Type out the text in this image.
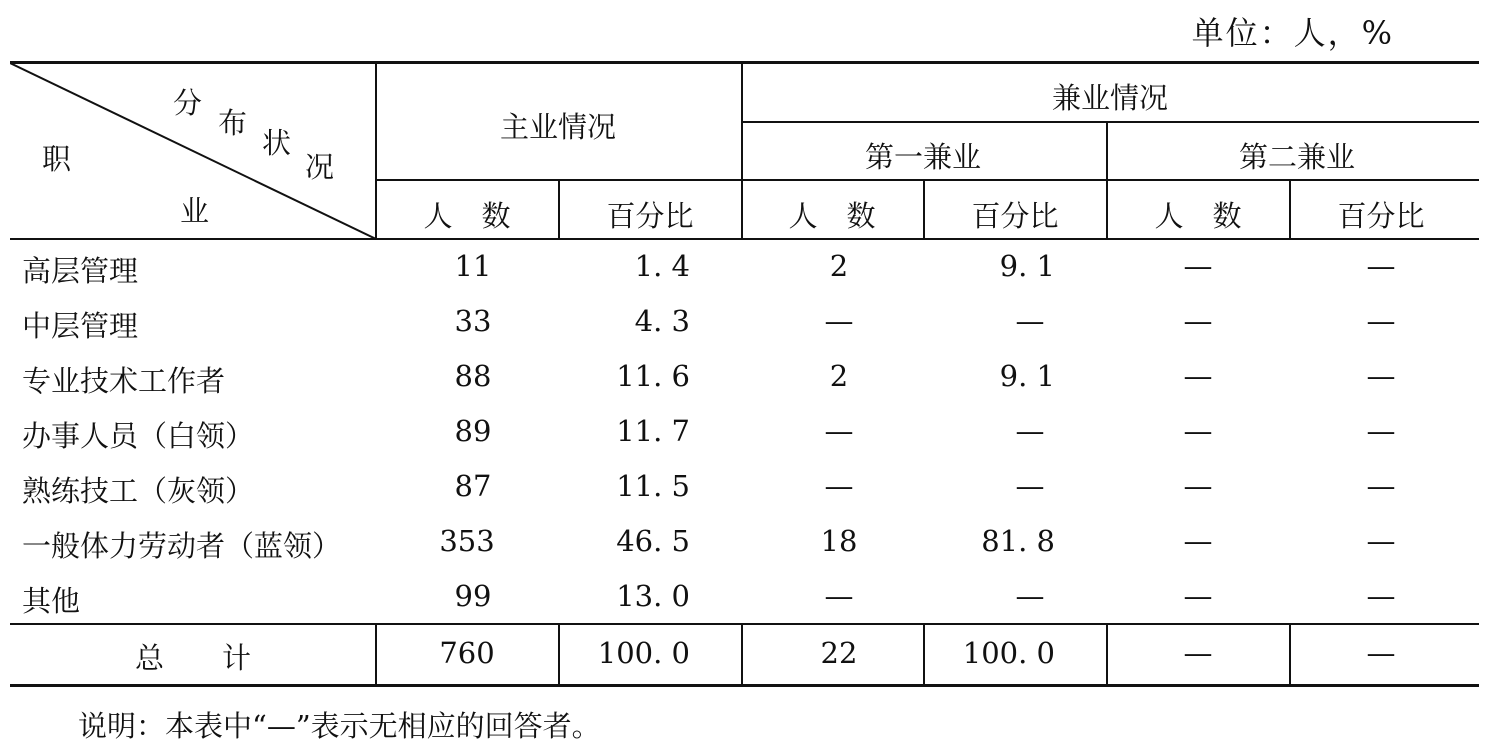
单位：人，%
分
布
状
况
职
业
主业情况
兼业情况
第一兼业	第二兼业
人　数	百分比	人　数	百分比	人　数	百分比
高层管理	11	1. 4	2	9. 1	—	—
中层管理	33	4. 3	—	—	—	—
专业技术工作者	88	11. 6	2	9. 1	—	—
办事人员（白领）	89	11. 7	—	—	—	—
熟练技工（灰领）	87	11. 5	—	—	—	—
一般体力劳动者（蓝领）	353	46. 5	18	81. 8	—	—
其他	99	13. 0	—	—	—	—
总　　计	760	100. 0	22	100. 0	—	—
说明：本表中“—”表示无相应的回答者。
